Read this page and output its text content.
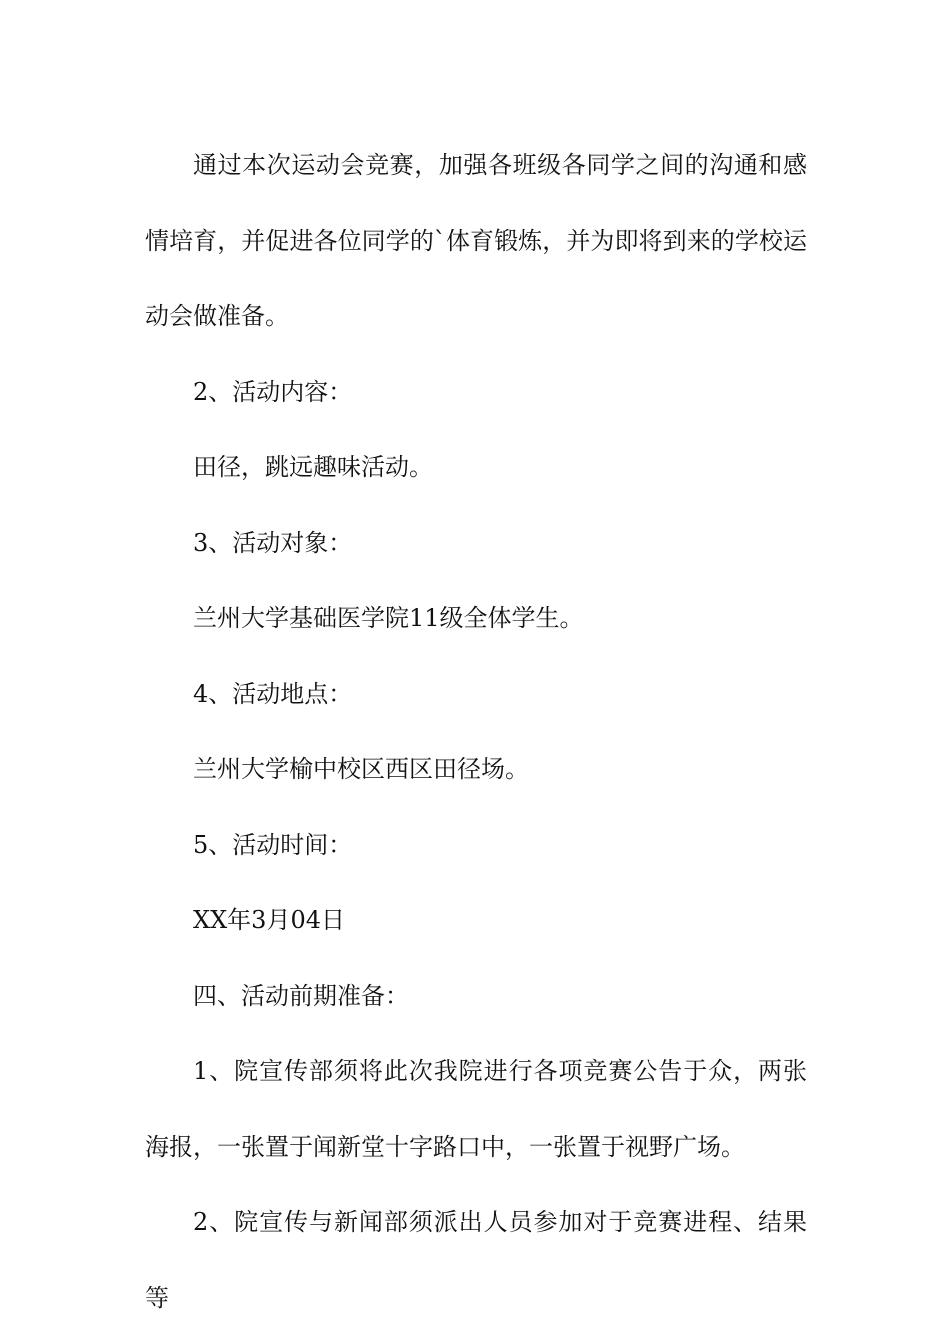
通过本次运动会竞赛，加强各班级各同学之间的沟通和感情培育，并促进各位同学的`体育锻炼，并为即将到来的学校运动会做准备。

2、活动内容：

田径，跳远趣味活动。

3、活动对象：

兰州大学基础医学院11级全体学生。

4、活动地点：

兰州大学榆中校区西区田径场。

5、活动时间：

XX年3月04日

四、活动前期准备：

1、院宣传部须将此次我院进行各项竞赛公告于众，两张海报，一张置于闻新堂十字路口中，一张置于视野广场。

2、院宣传与新闻部须派出人员参加对于竞赛进程、结果等
